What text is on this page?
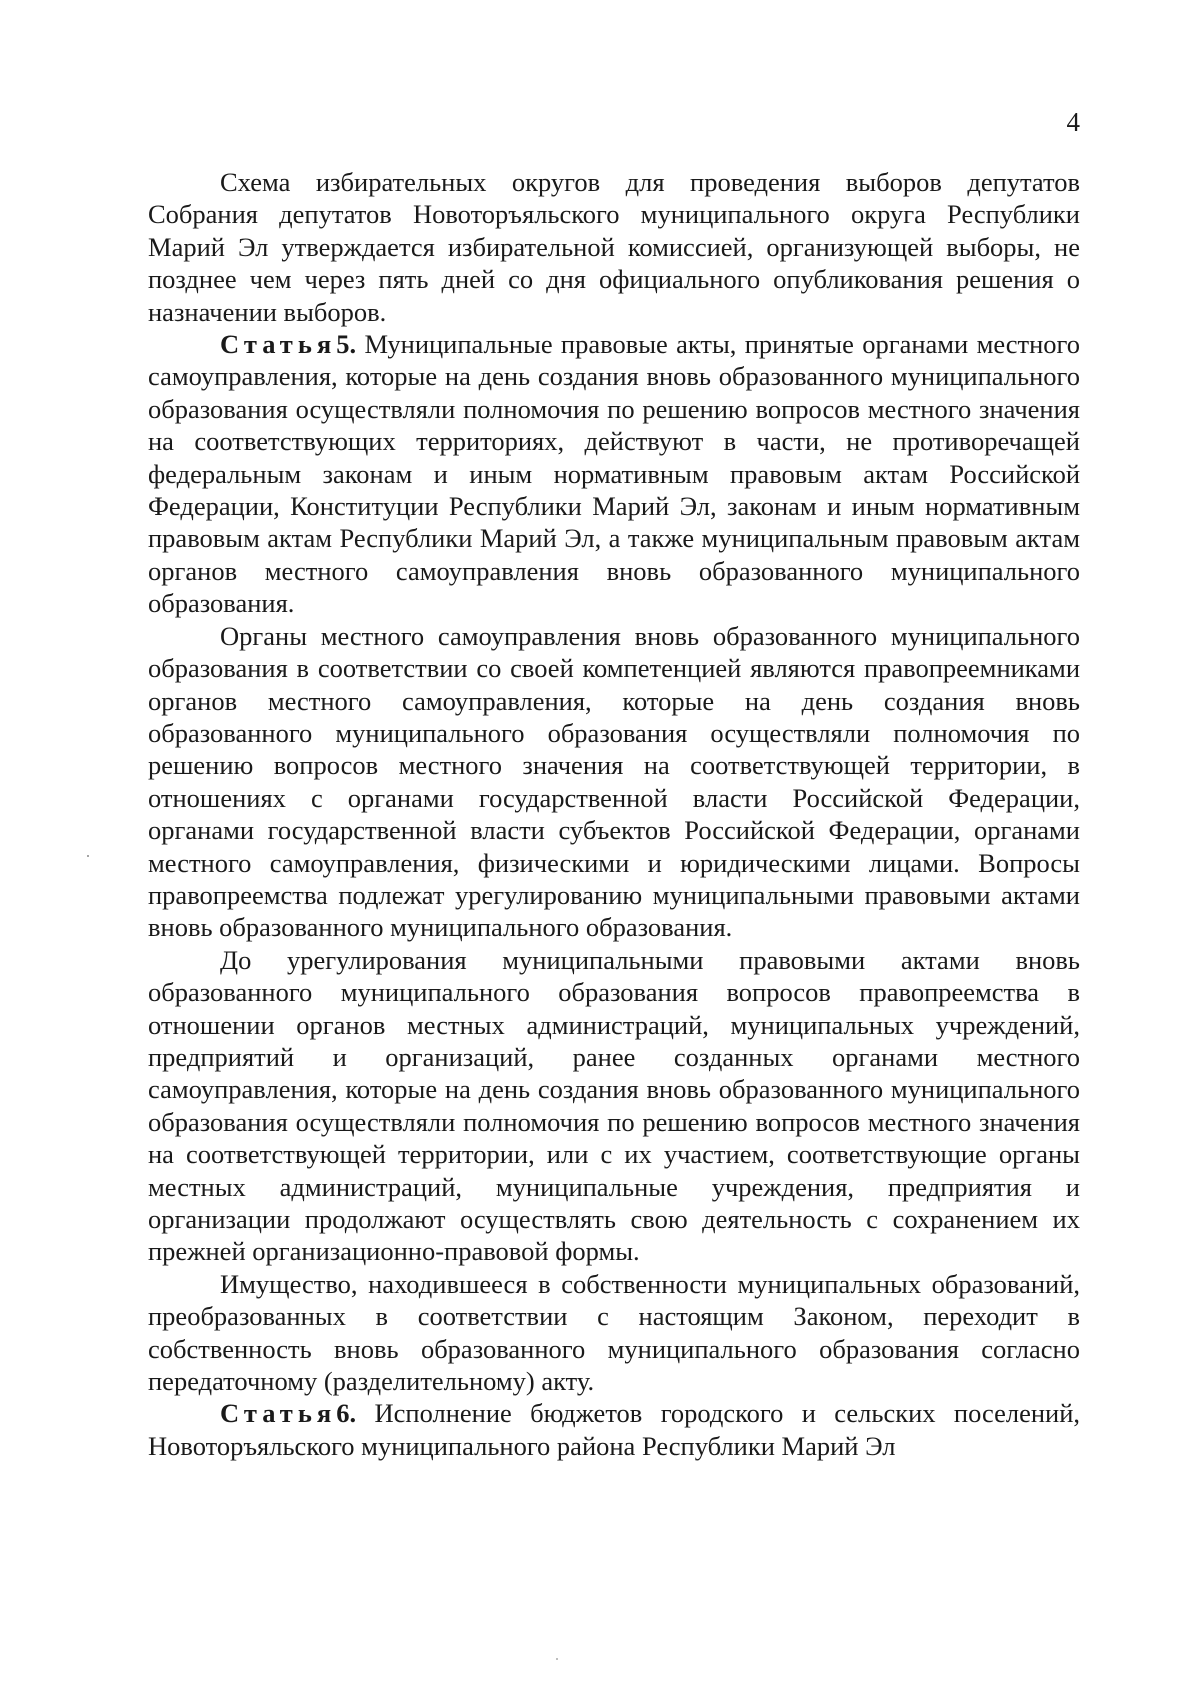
4

Схема избирательных округов для проведения выборов депутатов Собрания депутатов Новоторъяльского муниципального округа Республики Марий Эл утверждается избирательной комиссией, организующей выборы, не позднее чем через пять дней со дня официального опубликования решения о назначении выборов.

Статья5. Муниципальные правовые акты, принятые органами местного самоуправления, которые на день создания вновь образованного муниципального образования осуществляли полномочия по решению вопросов местного значения на соответствующих территориях, действуют в части, не противоречащей федеральным законам и иным нормативным правовым актам Российской Федерации, Конституции Республики Марий Эл, законам и иным нормативным правовым актам Республики Марий Эл, а также муниципальным правовым актам органов местного самоуправления вновь образованного муниципального образования.

Органы местного самоуправления вновь образованного муниципального образования в соответствии со своей компетенцией являются правопреемниками органов местного самоуправления, которые на день создания вновь образованного муниципального образования осуществляли полномочия по решению вопросов местного значения на соответствующей территории, в отношениях с органами государственной власти Российской Федерации, органами государственной власти субъектов Российской Федерации, органами местного самоуправления, физическими и юридическими лицами. Вопросы правопреемства подлежат урегулированию муниципальными правовыми актами вновь образованного муниципального образования.

До урегулирования муниципальными правовыми актами вновь образованного муниципального образования вопросов правопреемства в отношении органов местных администраций, муниципальных учреждений, предприятий и организаций, ранее созданных органами местного самоуправления, которые на день создания вновь образованного муниципального образования осуществляли полномочия по решению вопросов местного значения на соответствующей территории, или с их участием, соответствующие органы местных администраций, муниципальные учреждения, предприятия и организации продолжают осуществлять свою деятельность с сохранением их прежней организационно-правовой формы.

Имущество, находившееся в собственности муниципальных образований, преобразованных в соответствии с настоящим Законом, переходит в собственность вновь образованного муниципального образования согласно передаточному (разделительному) акту.

Статья6. Исполнение бюджетов городского и сельских поселений, Новоторъяльского муниципального района Республики Марий Эл
